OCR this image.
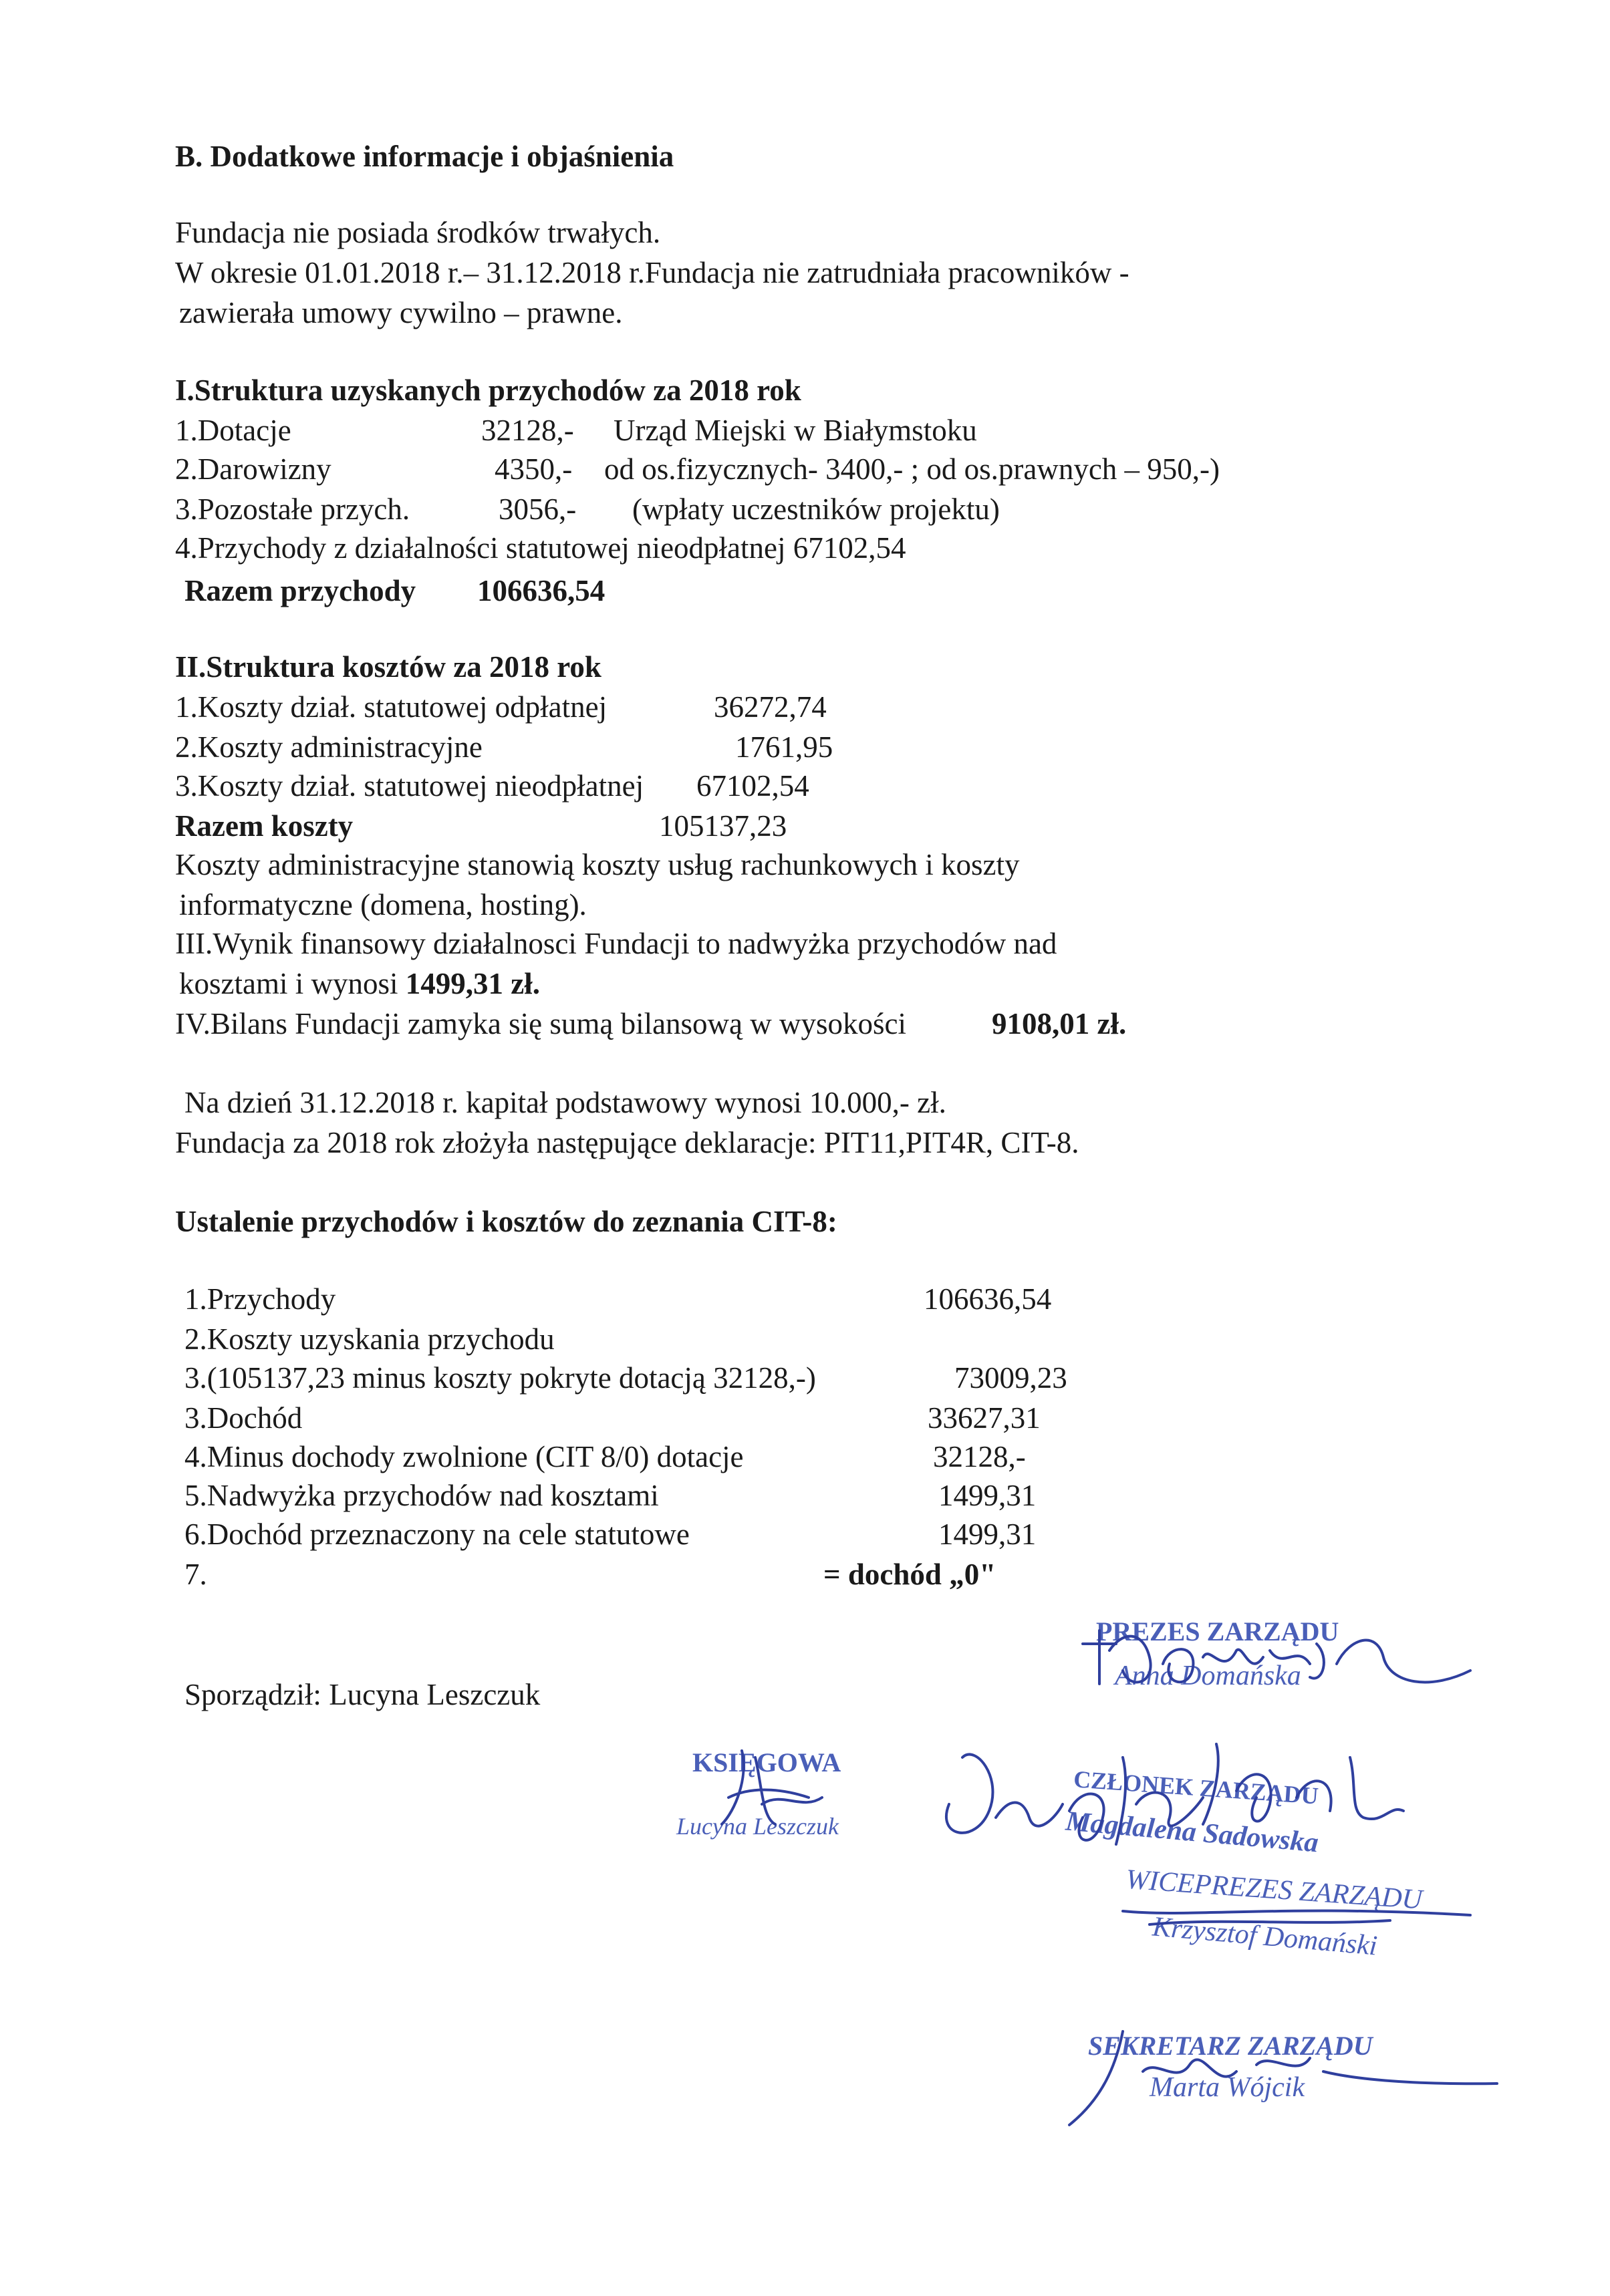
B. Dodatkowe informacje i objaśnienia
Fundacja nie posiada środków trwałych.
W okresie 01.01.2018 r.– 31.12.2018 r.Fundacja nie zatrudniała pracowników -
zawierała umowy cywilno – prawne.
I.Struktura uzyskanych przychodów za 2018 rok
1.Dotacje	32128,- Urząd Miejski w Białymstoku
2.Darowizny	4350,- od os.fizycznych- 3400,- ; od os.prawnych – 950,-)
3.Pozostałe przych.	3056,- (wpłaty uczestników projektu)
4.Przychody z działalności statutowej nieodpłatnej 67102,54
Razem przychody 106636,54
II.Struktura kosztów za 2018 rok
1.Koszty dział. statutowej odpłatnej	36272,74
2.Koszty administracyjne	1761,95
3.Koszty dział. statutowej nieodpłatnej 67102,54
Razem koszty	105137,23
Koszty administracyjne stanowią koszty usług rachunkowych i koszty
informatyczne (domena, hosting).
III.Wynik finansowy działalnosci Fundacji to nadwyżka przychodów nad
kosztami i wynosi 1499,31 zł.
IV.Bilans Fundacji zamyka się sumą bilansową w wysokości	9108,01 zł.
Na dzień 31.12.2018 r. kapitał podstawowy wynosi 10.000,- zł.
Fundacja za 2018 rok złożyła następujące deklaracje: PIT11,PIT4R, CIT-8.
Ustalenie przychodów i kosztów do zeznania CIT-8:
1.Przychody	106636,54
2.Koszty uzyskania przychodu
3.(105137,23 minus koszty pokryte dotacją 32128,-)	73009,23
3.Dochód	33627,31
4.Minus dochody zwolnione (CIT 8/0) dotacje	32128,-
5.Nadwyżka przychodów nad kosztami	1499,31
6.Dochód przeznaczony na cele statutowe	1499,31
7.	= dochód „0"
Sporządził: Lucyna Leszczuk
PREZES ZARZĄDU
Anna Domańska
KSIĘGOWA
Lucyna Leszczuk
CZŁONEK ZARZĄDU
Magdalena Sadowska
WICEPREZES ZARZĄDU
Krzysztof Domański
SEKRETARZ ZARZĄDU
Marta Wójcik
